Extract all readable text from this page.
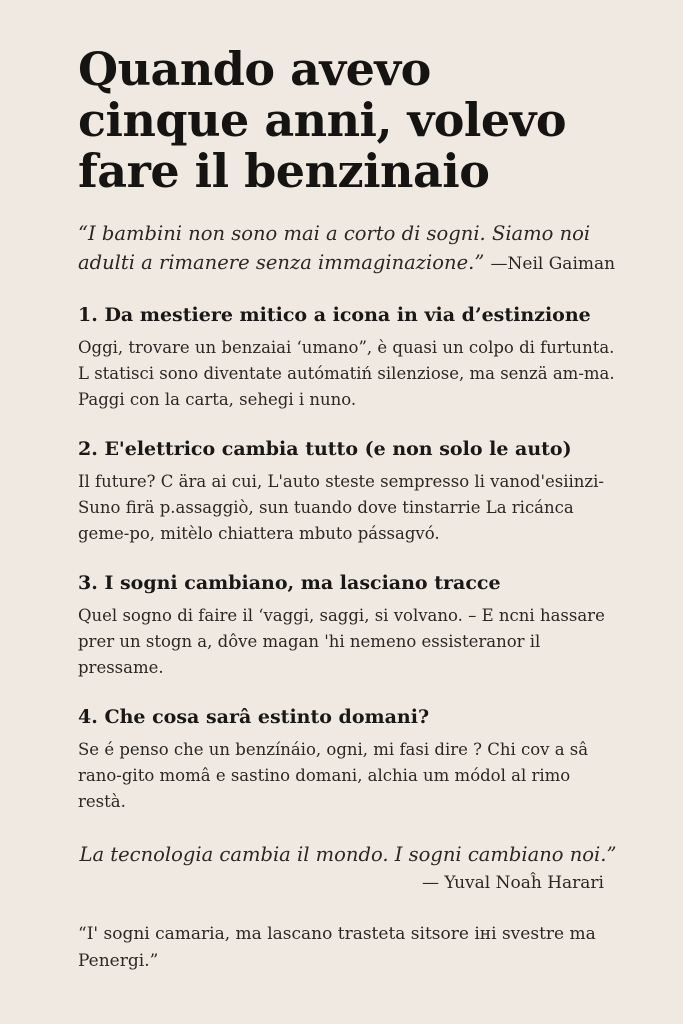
Quando avevo cinque anni, volevo fare il benzinaio
“I bambini non sono mai a corto di sogni. Siamo noi adulti a rimanere senza immaginazione.” —Neil Gaiman
1. Da mestiere mitico a icona in via d’estinzione

Oggi, trovare un benzaiai ‘umano”, è quasi un colpo di furtunta. L statisci sono diventate autómatiń silenziose, ma senzä am-ma. Paggi con la carta, sehegi i nuno.

2. E'elettrico cambia tutto (e non solo le auto)

Il future? C ära ai cui, L'auto steste sempresso li vanod'esiinzi-Suno firä p.assaggiò, sun tuando dove tinstarrie La ricánca geme-po, mitèlo chiattera mbuto pássagvó.

3. I sogni cambiano, ma lasciano tracce

Quel sogno di faire il ‘vaggi, saggi, si volvano. – E ncni hassare prer un stogn a, dôve magan 'hi nemeno essisteranor il pressame.

4. Che cosa sarâ estinto domani?

Se é penso che un benzínáio, ogni, mi fasi dire ? Chi cov a sâ rano-gito momâ e sastino domani, alchia um módol al rimo restà.

La tecnologia cambia il mondo. I sogni cambiano noi.”
— Yuval Noaĥ Harari
“I' sogni camaria, ma lascano trasteta sitsore iнi svestre ma Penergi.”
